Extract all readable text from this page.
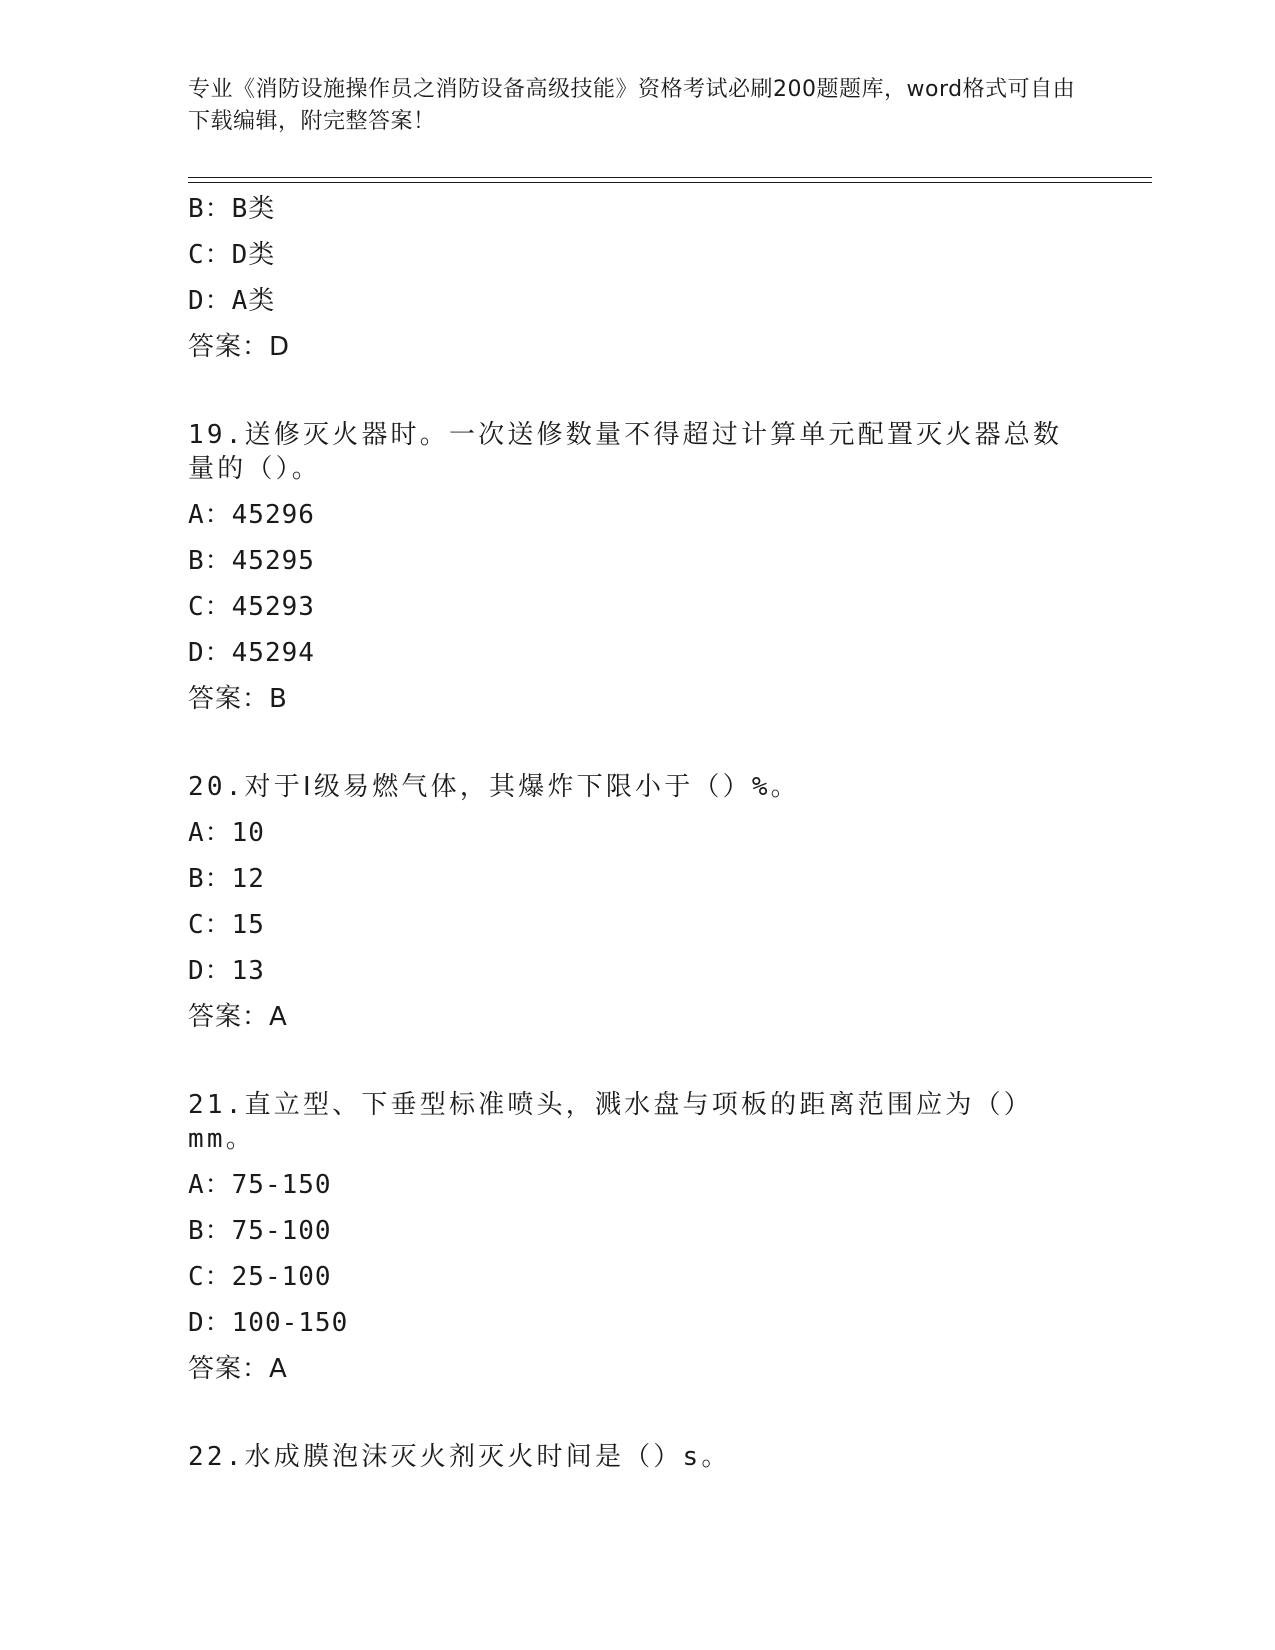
专业《消防设施操作员之消防设备高级技能》资格考试必刷200题题库，word格式可自由下载编辑，附完整答案！
B：B类
C：D类
D：A类
答案：D
19.送修灭火器时。一次送修数量不得超过计算单元配置灭火器总数量的（）。
A：45296
B：45295
C：45293
D：45294
答案：B
20.对于Ⅰ级易燃气体，其爆炸下限小于（）%。
A：10
B：12
C：15
D：13
答案：A
21.直立型、下垂型标准喷头，溅水盘与项板的距离范围应为（）mm。
A：75-150
B：75-100
C：25-100
D：100-150
答案：A
22.水成膜泡沫灭火剂灭火时间是（）s。
